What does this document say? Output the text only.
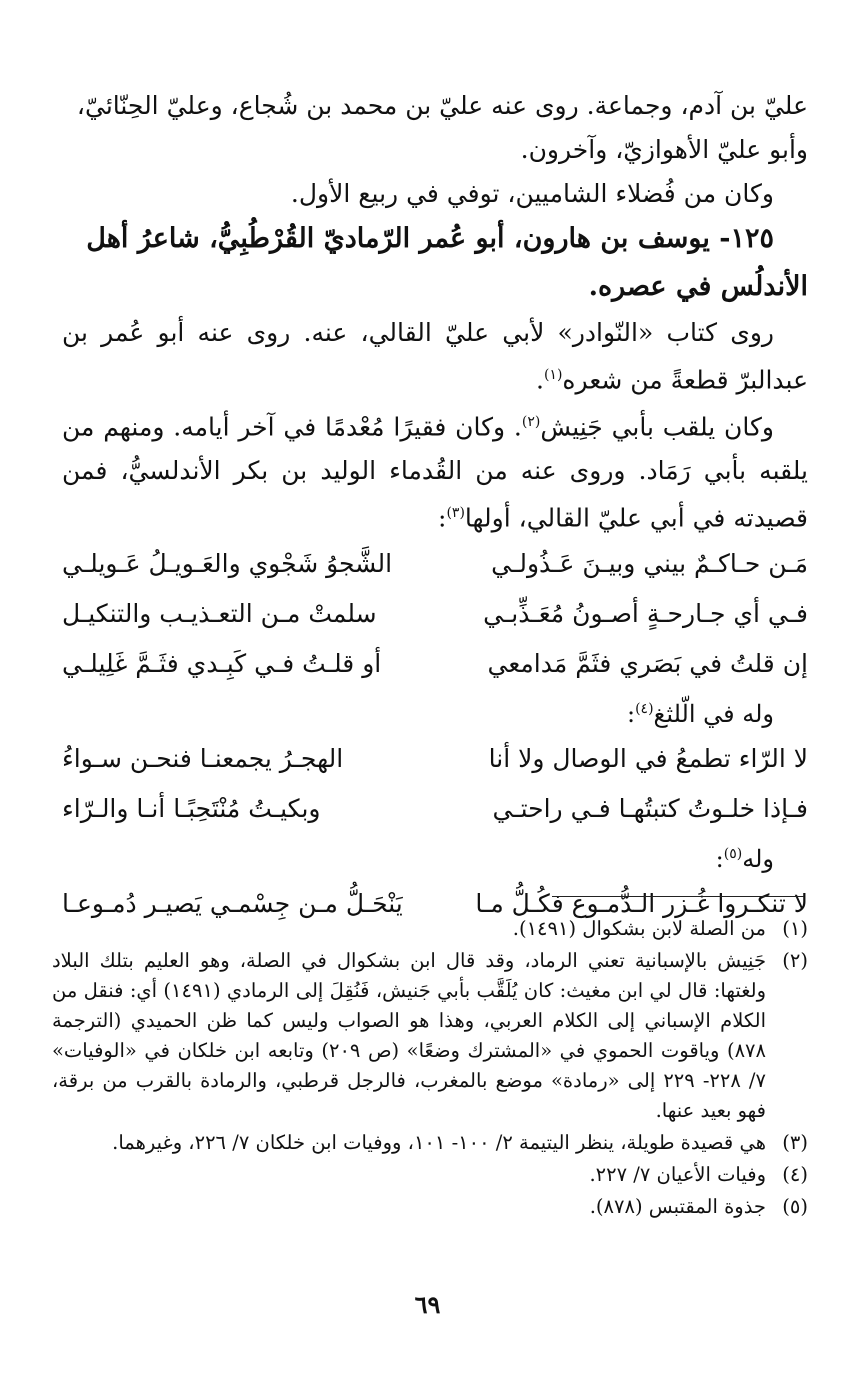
عليّ بن آدم، وجماعة. روى عنه عليّ بن محمد بن شُجاع، وعليّ الحِنّائيّ،
وأبو عليّ الأهوازيّ، وآخرون.

وكان من فُضلاء الشاميين، توفي في ربيع الأول.

١٢٥- يوسف بن هارون، أبو عُمر الرّماديّ القُرْطُبِيُّ، شاعرُ أهل الأندلُس في عصره.

روى كتاب «النّوادر» لأبي عليّ القالي، عنه. روى عنه أبو عُمر بن عبدالبرّ قطعةً من شعره$^{(١)}$.

وكان يلقب بأبي جَنِيش$^{(٢)}$. وكان فقيرًا مُعْدمًا في آخر أيامه. ومنهم من يلقبه بأبي رَمَاد. وروى عنه من القُدماء الوليد بن بكر الأندلسيُّ، فمن قصيدته في أبي عليّ القالي، أولها$^{(٣)}$:

مَـن حـاكـمٌ بيني وبيـنَ عَـذُولـي
الشَّجوُ شَجْوي والعَـويـلُ عَـويلـي
فـي أي جـارحـةٍ أصـونُ مُعَـذِّبـي
سلمتْ مـن التعـذيـب والتنكيـل
إن قلتُ في بَصَري فثَمَّ مَدامعي
أو قلـتُ فـي كَبِـدي فثَـمَّ غَلِيلـي

وله في الّلثغ$^{(٤)}$:

لا الرّاء تطمعُ في الوصال ولا أنا
الهجـرُ يجمعنـا فنحـن سـواءُ
فـإذا خلـوتُ كتبتُهـا فـي راحتـي
وبكيـتُ مُنْتَحِبًـا أنـا والـرّاء

وله$^{(٥)}$:

لا تنكـروا غُـزر الـدُّمـوع فكُـلُّ مـا
يَنْحَـلُّ مـن جِسْمـي يَصيـر دُمـوعـا
(١)
من الصلة لابن بشكوال (١٤٩١).
(٢)
جَنِيش بالإسبانية تعني الرماد، وقد قال ابن بشكوال في الصلة، وهو العليم بتلك البلاد ولغتها: قال لي ابن مغيث: كان يُلَقَّب بأبي جَنيش، فَنُقِلَ إلى الرمادي (١٤٩١) أي: فنقل من الكلام الإسباني إلى الكلام العربي، وهذا هو الصواب وليس كما ظن الحميدي (الترجمة ٨٧٨) وياقوت الحموي في «المشترك وضعًا» (ص ٢٠٩) وتابعه ابن خلكان في «الوفيات» ٧/ ٢٢٨- ٢٢٩ إلى «رمادة» موضع بالمغرب، فالرجل قرطبي، والرمادة بالقرب من برقة، فهو بعيد عنها.
(٣)
هي قصيدة طويلة، ينظر اليتيمة ٢/ ١٠٠- ١٠١، ووفيات ابن خلكان ٧/ ٢٢٦، وغيرهما.
(٤)
وفيات الأعيان ٧/ ٢٢٧.
(٥)
جذوة المقتبس (٨٧٨).
٦٩
